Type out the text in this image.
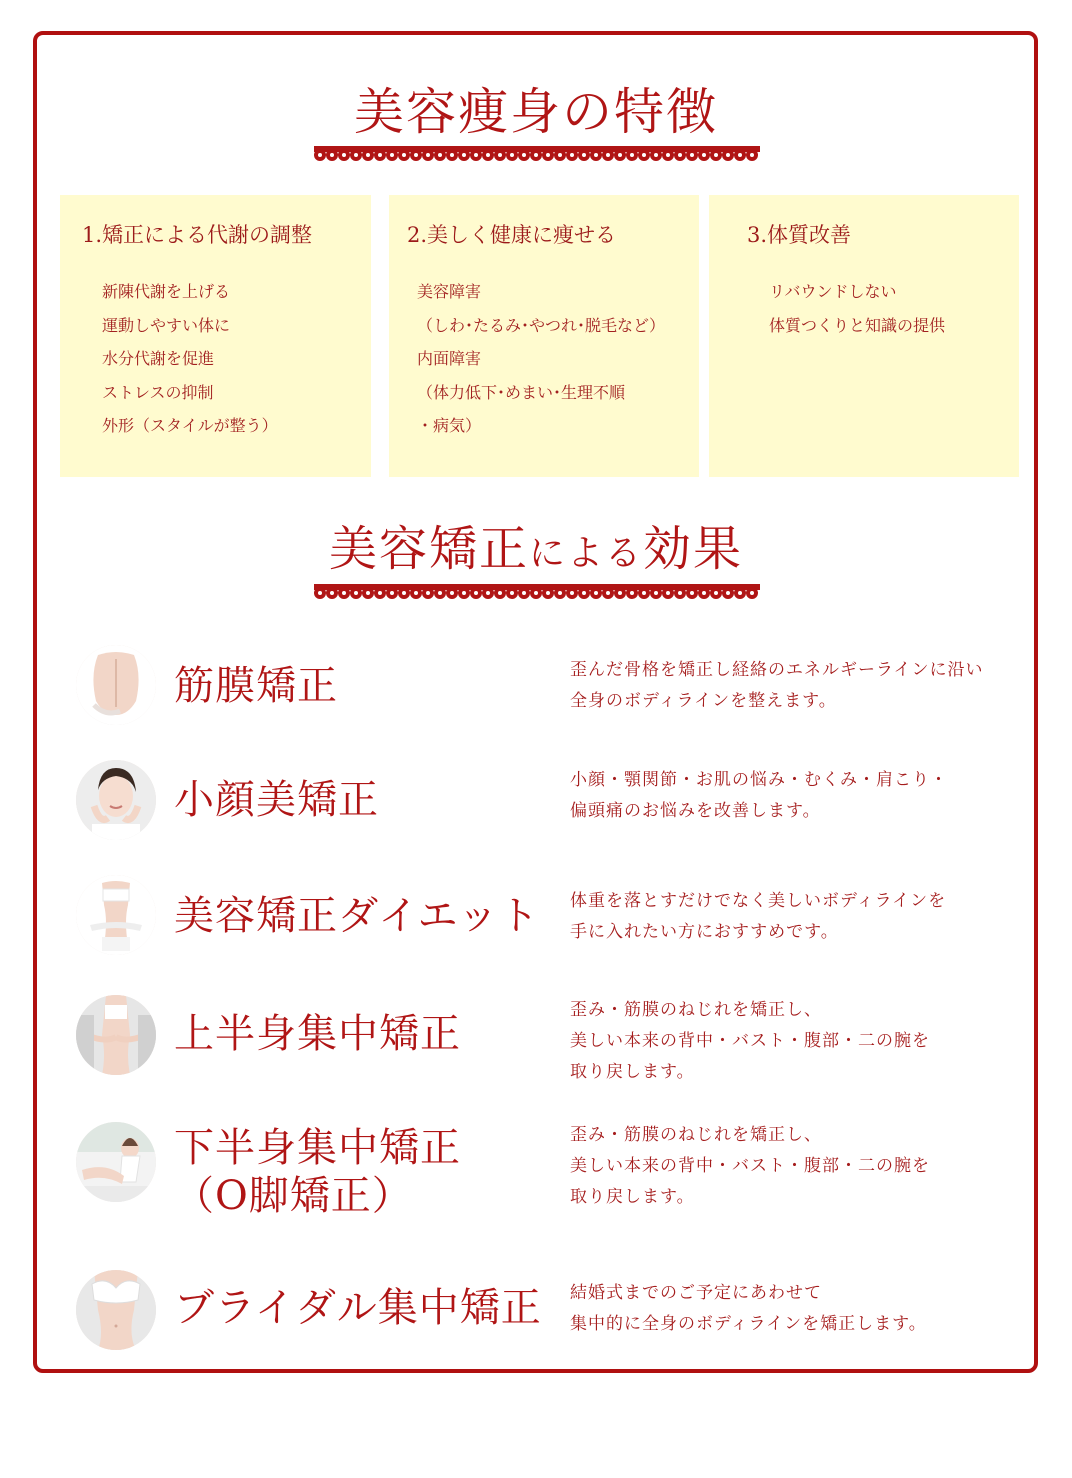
美容痩身の特徴
1.矯正による代謝の調整
新陳代謝を上げる
運動しやすい体に
水分代謝を促進
ストレスの抑制
外形（スタイルが整う）
2.美しく健康に痩せる
美容障害
（しわ･たるみ･やつれ･脱毛など）
内面障害
（体力低下･めまい･生理不順
・病気）
3.体質改善
リバウンドしない
体質つくりと知識の提供
美容矯正による効果
筋膜矯正	歪んだ骨格を矯正し経絡のエネルギーラインに沿い
全身のボディラインを整えます。
小顔美矯正	小顔・顎関節・お肌の悩み・むくみ・肩こり・
偏頭痛のお悩みを改善します。
美容矯正ダイエット 体重を落とすだけでなく美しいボディラインを
手に入れたい方におすすめです。
上半身集中矯正
歪み・筋膜のねじれを矯正し、
美しい本来の背中・バスト・腹部・二の腕を
取り戻します。
下半身集中矯正
（O脚矯正）
歪み・筋膜のねじれを矯正し、
美しい本来の背中・バスト・腹部・二の腕を
取り戻します。
ブライダル集中矯正 結婚式までのご予定にあわせて
集中的に全身のボディラインを矯正します。
